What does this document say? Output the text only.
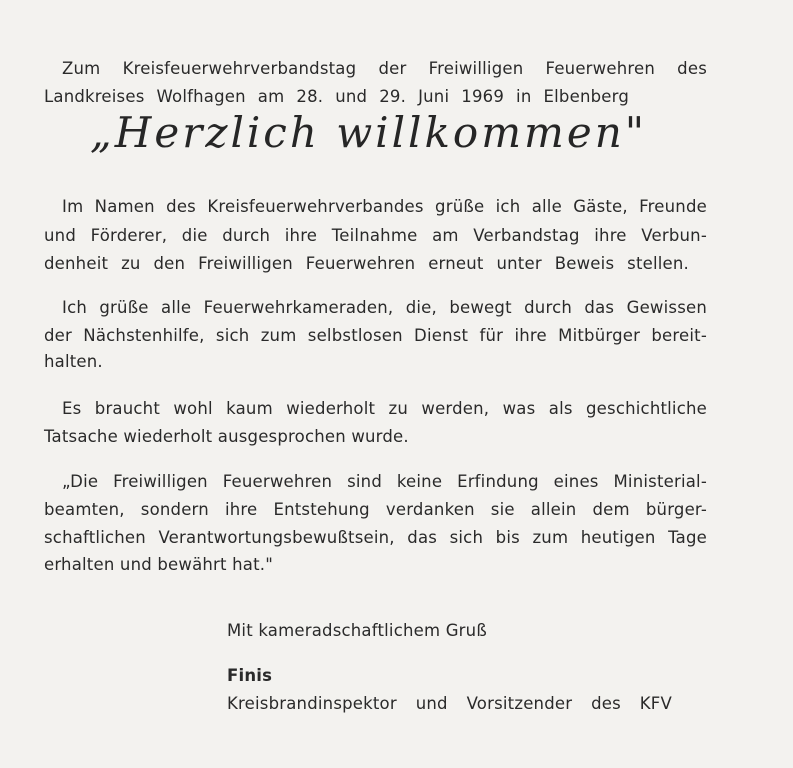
Zum Kreisfeuerwehrverbandstag der Freiwilligen Feuerwehren des
Landkreises Wolfhagen am 28. und 29. Juni 1969 in Elbenberg
„Herzlich willkommen"
Im Namen des Kreisfeuerwehrverbandes grüße ich alle Gäste, Freunde
und Förderer, die durch ihre Teilnahme am Verbandstag ihre Verbun-
denheit zu den Freiwilligen Feuerwehren erneut unter Beweis stellen.
Ich grüße alle Feuerwehrkameraden, die, bewegt durch das Gewissen
der Nächstenhilfe, sich zum selbstlosen Dienst für ihre Mitbürger bereit-
halten.
Es braucht wohl kaum wiederholt zu werden, was als geschichtliche
Tatsache wiederholt ausgesprochen wurde.
„Die Freiwilligen Feuerwehren sind keine Erfindung eines Ministerial-
beamten, sondern ihre Entstehung verdanken sie allein dem bürger-
schaftlichen Verantwortungsbewußtsein, das sich bis zum heutigen Tage
erhalten und bewährt hat."
Mit kameradschaftlichem Gruß
Finis
Kreisbrandinspektor und Vorsitzender des KFV
